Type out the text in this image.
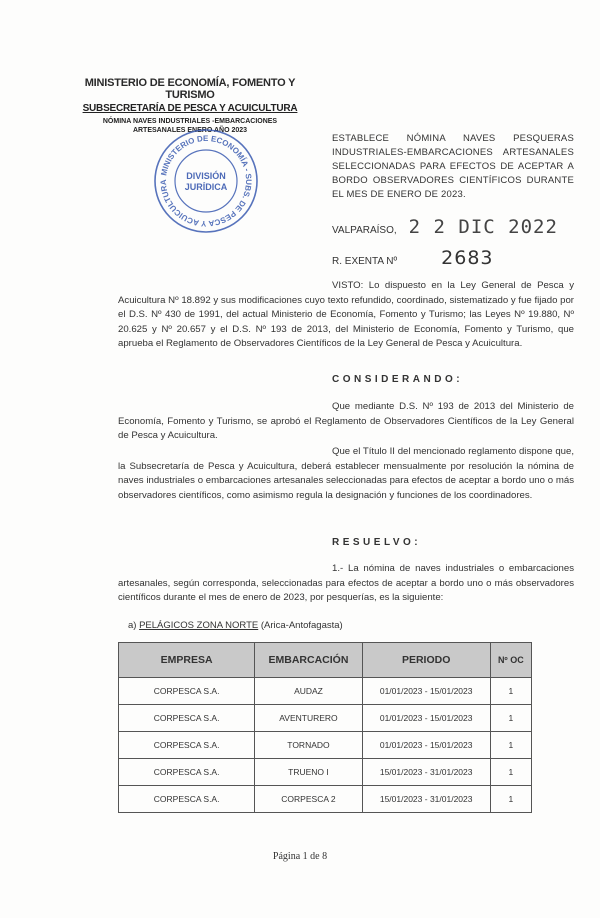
MINISTERIO DE ECONOMÍA, FOMENTO Y TURISMO
SUBSECRETARÍA DE PESCA Y ACUICULTURA
NÓMINA NAVES INDUSTRIALES -EMBARCACIONES
ARTESANALES ENERO AÑO 2023
MINISTERIO DE ECONOMÍA - SUBS. DE PESCA Y ACUICULTURA
DIVISIÓN
JURÍDICA
ESTABLECE NÓMINA NAVES PESQUERAS INDUSTRIALES-EMBARCACIONES ARTESANALES SELECCIONADAS PARA EFECTOS DE ACEPTAR A BORDO OBSERVADORES CIENTÍFICOS DURANTE EL MES DE ENERO DE 2023.
VALPARAÍSO, 2 2 DIC 2022
R. EXENTA Nº 2683
VISTO: Lo dispuesto en la Ley General de Pesca y Acuicultura Nº 18.892 y sus modificaciones cuyo texto refundido, coordinado, sistematizado y fue fijado por el D.S. Nº 430 de 1991, del actual Ministerio de Economía, Fomento y Turismo; las Leyes Nº 19.880, Nº 20.625 y Nº 20.657 y el D.S. Nº 193 de 2013, del Ministerio de Economía, Fomento y Turismo, que aprueba el Reglamento de Observadores Científicos de la Ley General de Pesca y Acuicultura.
CONSIDERANDO:
Que mediante D.S. Nº 193 de 2013 del Ministerio de Economía, Fomento y Turismo, se aprobó el Reglamento de Observadores Científicos de la Ley General de Pesca y Acuicultura.
Que el Título II del mencionado reglamento dispone que, la Subsecretaría de Pesca y Acuicultura, deberá establecer mensualmente por resolución la nómina de naves industriales o embarcaciones artesanales seleccionadas para efectos de aceptar a bordo uno o más observadores científicos, como asimismo regula la designación y funciones de los coordinadores.
RESUELVO:
1.- La nómina de naves industriales o embarcaciones artesanales, según corresponda, seleccionadas para efectos de aceptar a bordo uno o más observadores científicos durante el mes de enero de 2023, por pesquerías, es la siguiente:
a) PELÁGICOS ZONA NORTE (Arica-Antofagasta)
EMPRESA	EMBARCACIÓN	PERIODO	Nº OC
CORPESCA S.A.	AUDAZ	01/01/2023 - 15/01/2023	1
CORPESCA S.A.	AVENTURERO	01/01/2023 - 15/01/2023	1
CORPESCA S.A.	TORNADO	01/01/2023 - 15/01/2023	1
CORPESCA S.A.	TRUENO I	15/01/2023 - 31/01/2023	1
CORPESCA S.A.	CORPESCA 2	15/01/2023 - 31/01/2023	1
Página 1 de 8
